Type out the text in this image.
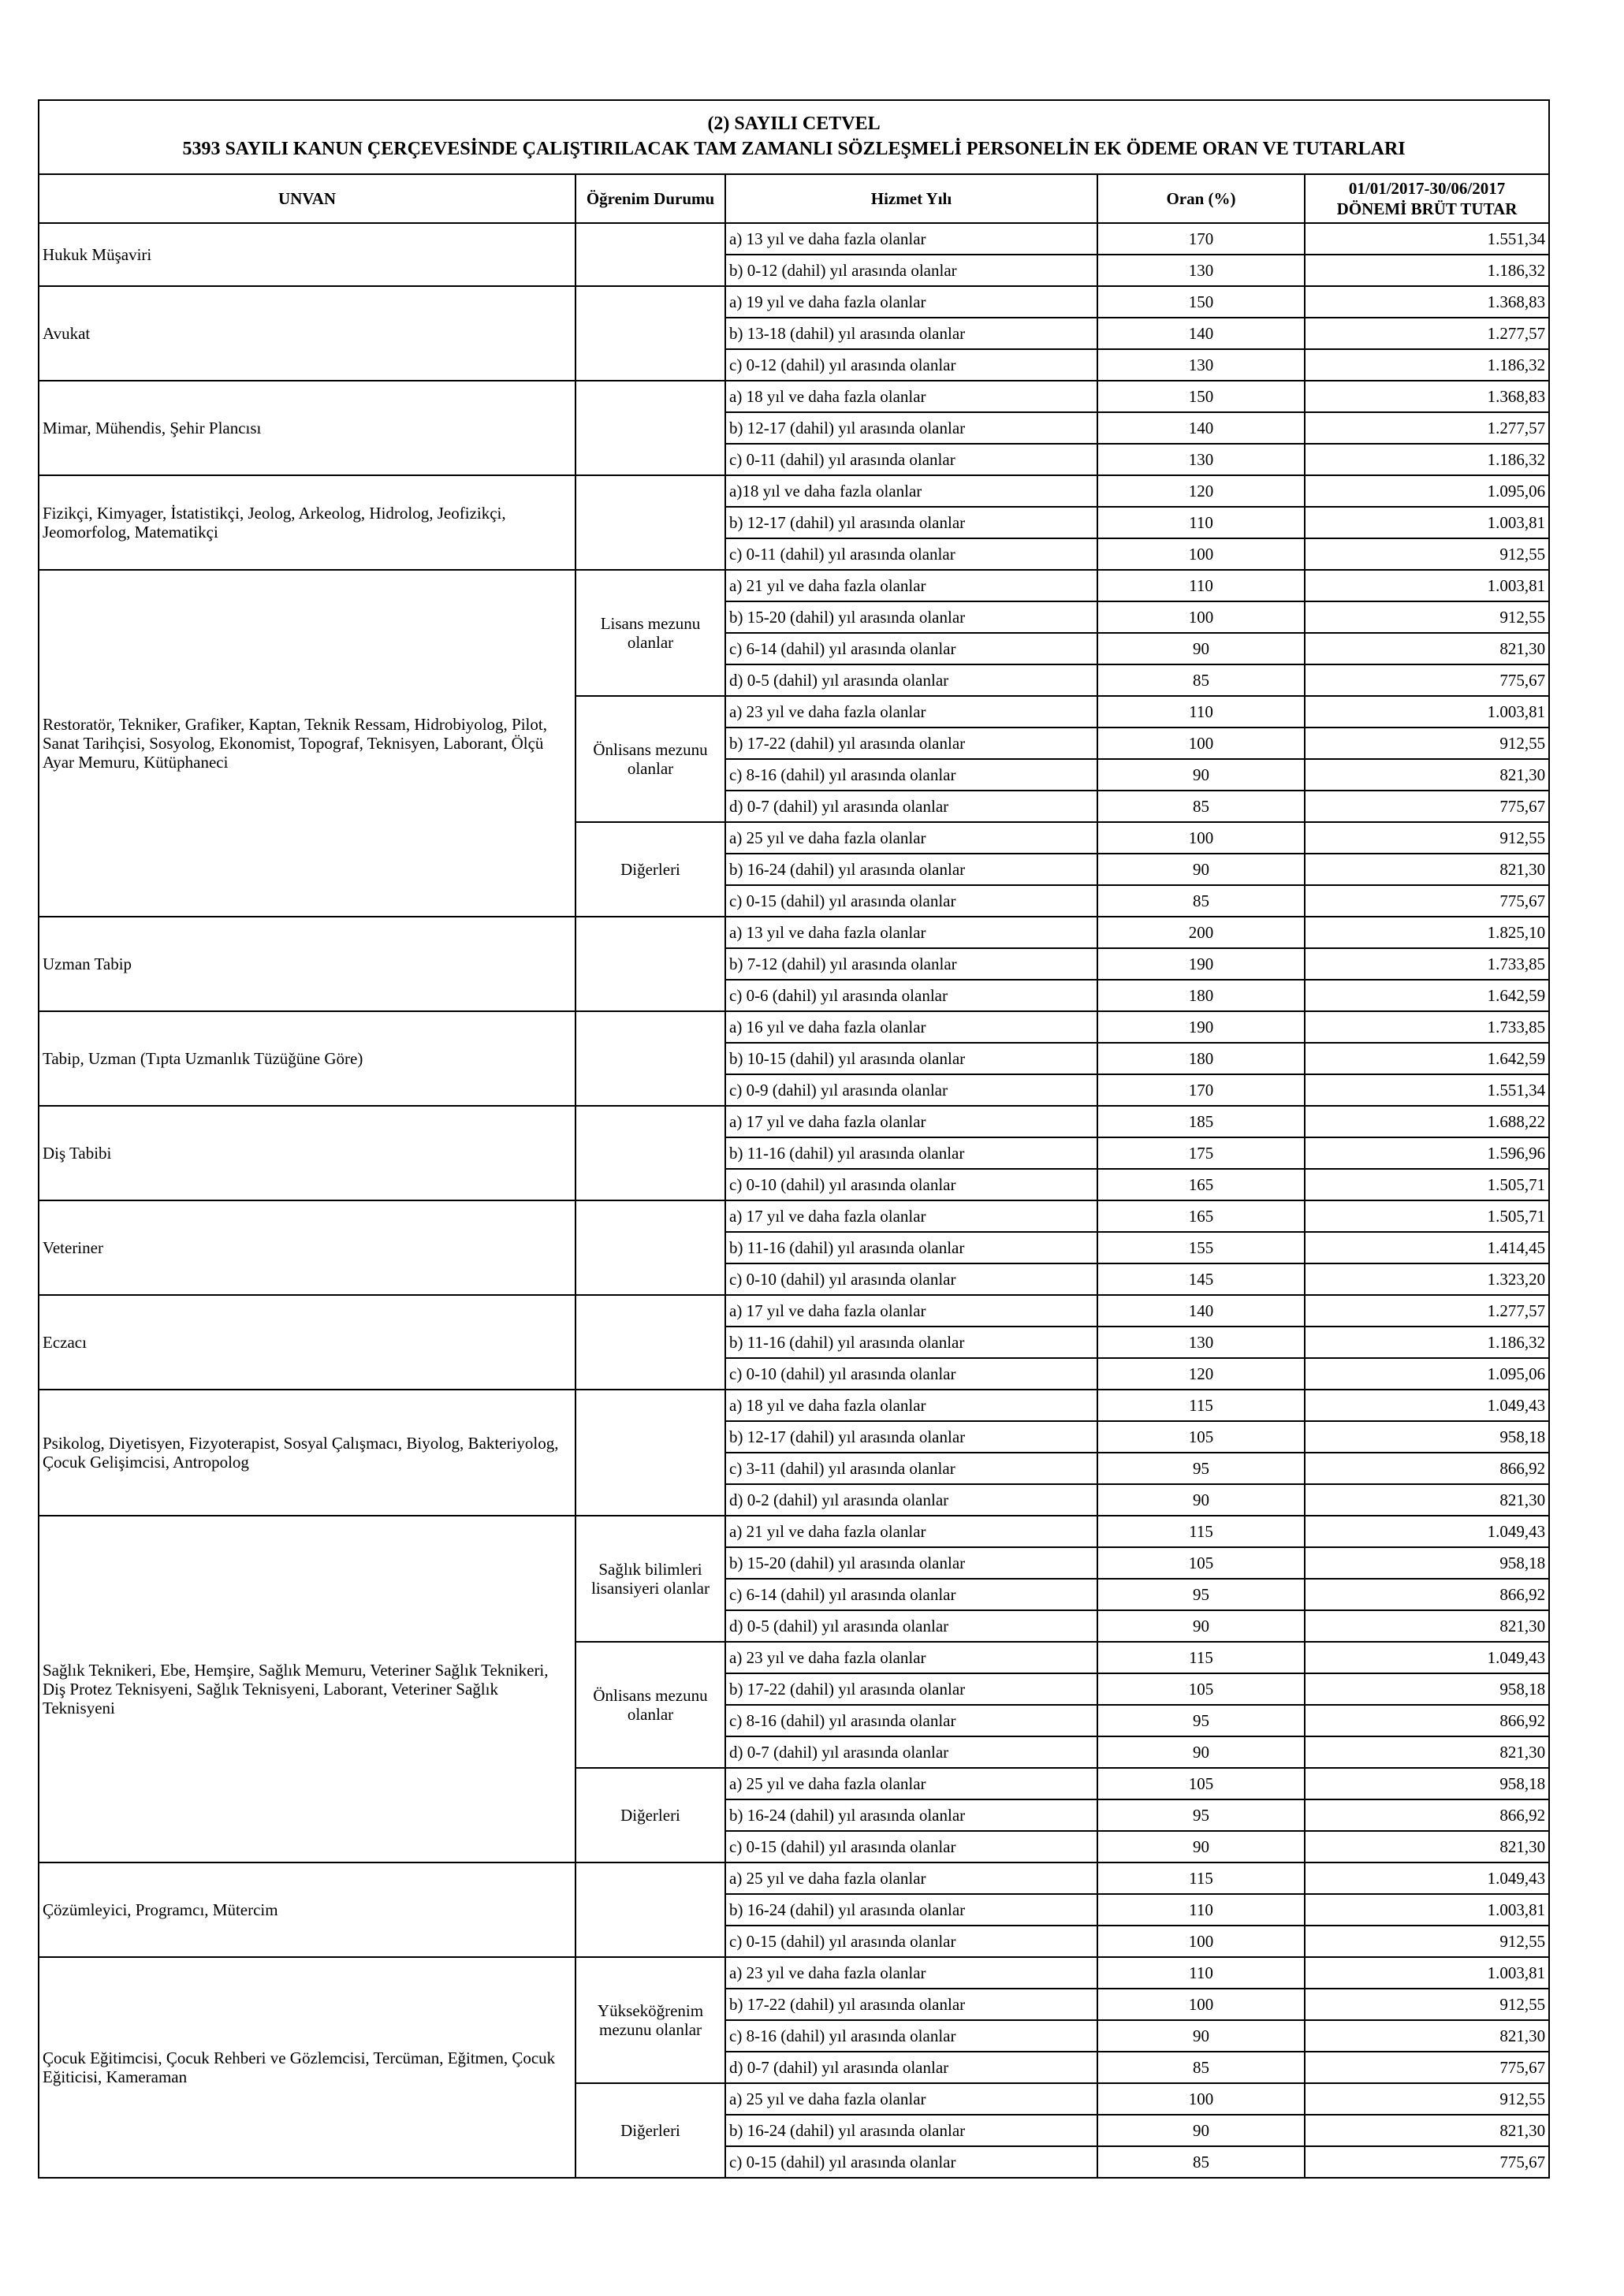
(2) SAYILI CETVEL
5393 SAYILI KANUN ÇERÇEVESİNDE ÇALIŞTIRILACAK TAM ZAMANLI SÖZLEŞMELİ PERSONELİN EK ÖDEME ORAN VE TUTARLARI				

UNVAN	Öğrenim Durumu	Hizmet Yılı	Oran (%)	01/01/2017-30/06/2017
DÖNEMİ BRÜT TUTAR

Hukuk Müşaviri		a) 13 yıl ve daha fazla olanlar	170	1.551,34
		b) 0-12 (dahil) yıl arasında olanlar	130	1.186,32
Avukat		a) 19 yıl ve daha fazla olanlar	150	1.368,83
		b) 13-18 (dahil) yıl arasında olanlar	140	1.277,57
		c) 0-12 (dahil) yıl arasında olanlar	130	1.186,32
Mimar, Mühendis, Şehir Plancısı		a) 18 yıl ve daha fazla olanlar	150	1.368,83
		b) 12-17 (dahil) yıl arasında olanlar	140	1.277,57
		c) 0-11 (dahil) yıl arasında olanlar	130	1.186,32
Fizikçi, Kimyager, İstatistikçi, Jeolog, Arkeolog, Hidrolog, Jeofizikçi, Jeomorfolog, Matematikçi		a)18 yıl ve daha fazla olanlar	120	1.095,06
		b) 12-17 (dahil) yıl arasında olanlar	110	1.003,81
		c) 0-11 (dahil) yıl arasında olanlar	100	912,55
Restoratör, Tekniker, Grafiker, Kaptan, Teknik Ressam, Hidrobiyolog, Pilot, Sanat Tarihçisi, Sosyolog, Ekonomist, Topograf, Teknisyen, Laborant, Ölçü Ayar Memuru, Kütüphaneci	Lisans mezunu olanlar	a) 21 yıl ve daha fazla olanlar	110	1.003,81
		b) 15-20 (dahil) yıl arasında olanlar	100	912,55
		c) 6-14 (dahil) yıl arasında olanlar	90	821,30
		d) 0-5 (dahil) yıl arasında olanlar	85	775,67
	Önlisans mezunu olanlar	a) 23 yıl ve daha fazla olanlar	110	1.003,81
		b) 17-22 (dahil) yıl arasında olanlar	100	912,55
		c) 8-16 (dahil) yıl arasında olanlar	90	821,30
		d) 0-7 (dahil) yıl arasında olanlar	85	775,67
	Diğerleri	a) 25 yıl ve daha fazla olanlar	100	912,55
		b) 16-24 (dahil) yıl arasında olanlar	90	821,30
		c) 0-15 (dahil) yıl arasında olanlar	85	775,67
Uzman Tabip		a) 13 yıl ve daha fazla olanlar	200	1.825,10
		b) 7-12 (dahil) yıl arasında olanlar	190	1.733,85
		c) 0-6 (dahil) yıl arasında olanlar	180	1.642,59
Tabip, Uzman (Tıpta Uzmanlık Tüzüğüne Göre)		a) 16 yıl ve daha fazla olanlar	190	1.733,85
		b) 10-15 (dahil) yıl arasında olanlar	180	1.642,59
		c) 0-9 (dahil) yıl arasında olanlar	170	1.551,34
Diş Tabibi		a) 17 yıl ve daha fazla olanlar	185	1.688,22
		b) 11-16 (dahil) yıl arasında olanlar	175	1.596,96
		c) 0-10 (dahil) yıl arasında olanlar	165	1.505,71
Veteriner		a) 17 yıl ve daha fazla olanlar	165	1.505,71
		b) 11-16 (dahil) yıl arasında olanlar	155	1.414,45
		c) 0-10 (dahil) yıl arasında olanlar	145	1.323,20
Eczacı		a) 17 yıl ve daha fazla olanlar	140	1.277,57
		b) 11-16 (dahil) yıl arasında olanlar	130	1.186,32
		c) 0-10 (dahil) yıl arasında olanlar	120	1.095,06
Psikolog, Diyetisyen, Fizyoterapist, Sosyal Çalışmacı, Biyolog, Bakteriyolog, Çocuk Gelişimcisi, Antropolog		a) 18 yıl ve daha fazla olanlar	115	1.049,43
		b) 12-17 (dahil) yıl arasında olanlar	105	958,18
		c) 3-11 (dahil) yıl arasında olanlar	95	866,92
		d) 0-2 (dahil) yıl arasında olanlar	90	821,30
Sağlık Teknikeri, Ebe, Hemşire, Sağlık Memuru, Veteriner Sağlık Teknikeri, Diş Protez Teknisyeni, Sağlık Teknisyeni, Laborant, Veteriner Sağlık Teknisyeni	Sağlık bilimleri lisansiyeri olanlar	a) 21 yıl ve daha fazla olanlar	115	1.049,43
		b) 15-20 (dahil) yıl arasında olanlar	105	958,18
		c) 6-14 (dahil) yıl arasında olanlar	95	866,92
		d) 0-5 (dahil) yıl arasında olanlar	90	821,30
	Önlisans mezunu olanlar	a) 23 yıl ve daha fazla olanlar	115	1.049,43
		b) 17-22 (dahil) yıl arasında olanlar	105	958,18
		c) 8-16 (dahil) yıl arasında olanlar	95	866,92
		d) 0-7 (dahil) yıl arasında olanlar	90	821,30
	Diğerleri	a) 25 yıl ve daha fazla olanlar	105	958,18
		b) 16-24 (dahil) yıl arasında olanlar	95	866,92
		c) 0-15 (dahil) yıl arasında olanlar	90	821,30
Çözümleyici, Programcı, Mütercim		a) 25 yıl ve daha fazla olanlar	115	1.049,43
		b) 16-24 (dahil) yıl arasında olanlar	110	1.003,81
		c) 0-15 (dahil) yıl arasında olanlar	100	912,55
Çocuk Eğitimcisi, Çocuk Rehberi ve Gözlemcisi, Tercüman, Eğitmen, Çocuk Eğiticisi, Kameraman	Yükseköğrenim mezunu olanlar	a) 23 yıl ve daha fazla olanlar	110	1.003,81
		b) 17-22 (dahil) yıl arasında olanlar	100	912,55
		c) 8-16 (dahil) yıl arasında olanlar	90	821,30
		d) 0-7 (dahil) yıl arasında olanlar	85	775,67
	Diğerleri	a) 25 yıl ve daha fazla olanlar	100	912,55
		b) 16-24 (dahil) yıl arasında olanlar	90	821,30
		c) 0-15 (dahil) yıl arasında olanlar	85	775,67
